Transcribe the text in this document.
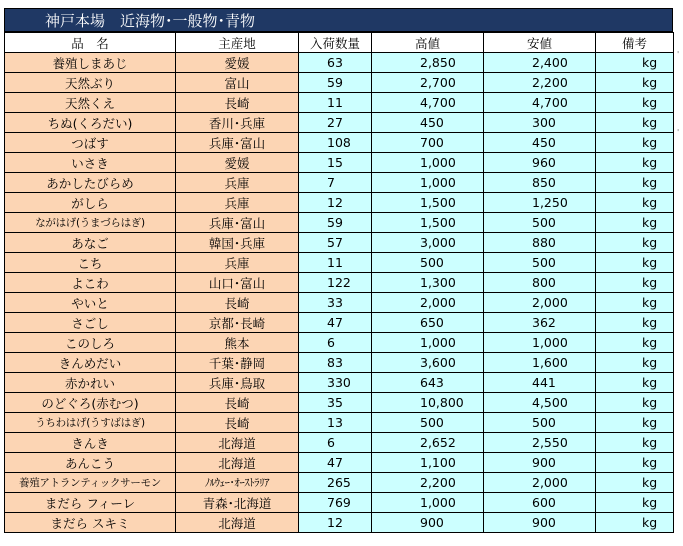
神戸本場　近海物･一般物･青物
品　名	主産地	入荷数量	高値	安値	備考
養殖しまあじ	愛媛	63	2,850	2,400	kg
天然ぶり	富山	59	2,700	2,200	kg
天然くえ	長崎	11	4,700	4,700	kg
ちぬ(くろだい)	香川･兵庫	27	450	300	kg
つばす	兵庫･富山	108	700	450	kg
いさき	愛媛	15	1,000	960	kg
あかしたびらめ	兵庫	7	1,000	850	kg
がしら	兵庫	12	1,500	1,250	kg
ながはげ(うまづらはぎ)	兵庫･富山	59	1,500	500	kg
あなご	韓国･兵庫	57	3,000	880	kg
こち	兵庫	11	500	500	kg
よこわ	山口･富山	122	1,300	800	kg
やいと	長崎	33	2,000	2,000	kg
さごし	京都･長崎	47	650	362	kg
このしろ	熊本	6	1,000	1,000	kg
きんめだい	千葉･静岡	83	3,600	1,600	kg
赤かれい	兵庫･鳥取	330	643	441	kg
のどぐろ(赤むつ)	長崎	35	10,800	4,500	kg
うちわはげ(うすばはぎ)	長崎	13	500	500	kg
きんき	北海道	6	2,652	2,550	kg
あんこう	北海道	47	1,100	900	kg
養殖アトランティックサーモン	ﾉﾙｳｪｰ･ｵｰｽﾄﾗﾘｱ	265	2,200	2,000	kg
まだら フィーレ	青森･北海道	769	1,000	600	kg
まだら スキミ	北海道	12	900	900	kg
'
'
